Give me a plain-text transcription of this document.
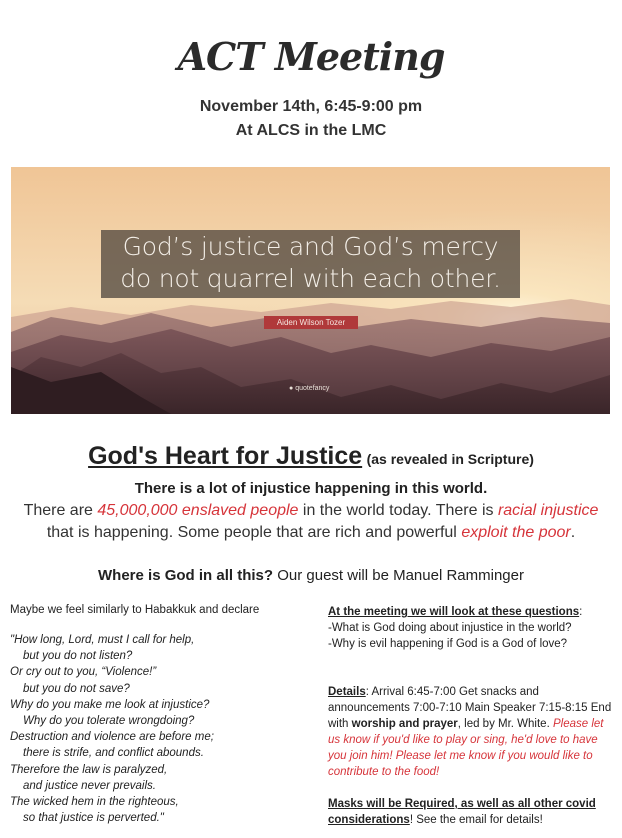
ACT Meeting
November 14th, 6:45-9:00 pm
At ALCS in the LMC
God’s justice and God’s mercy
do not quarrel with each other.
Aiden Wilson Tozer
● quotefancy
God's Heart for Justice (as revealed in Scripture)
There is a lot of injustice happening in this world.
There are 45,000,000 enslaved people in the world today. There is racial injustice that is happening. Some people that are rich and powerful exploit the poor.
Where is God in all this? Our guest will be Manuel Ramminger

Maybe we feel similarly to Habakkuk and declare

"How long, Lord, must I call for help,
but you do not listen?
Or cry out to you, “Violence!”
but you do not save?
Why do you make me look at injustice?
Why do you tolerate wrongdoing?
Destruction and violence are before me;
there is strife, and conflict abounds.
Therefore the law is paralyzed,
and justice never prevails.
The wicked hem in the righteous,
so that justice is perverted."
At the meeting we will look at these questions:
-What is God doing about injustice in the world?
-Why is evil happening if God is a God of love?
Details: Arrival 6:45-7:00 Get snacks and announcements 7:00-7:10 Main Speaker 7:15-8:15 End with worship and prayer, led by Mr. White. Please let us know if you'd like to play or sing, he'd love to have you join him! Please let me know if you would like to contribute to the food!
Masks will be Required, as well as all other covid considerations! See the email for details!
